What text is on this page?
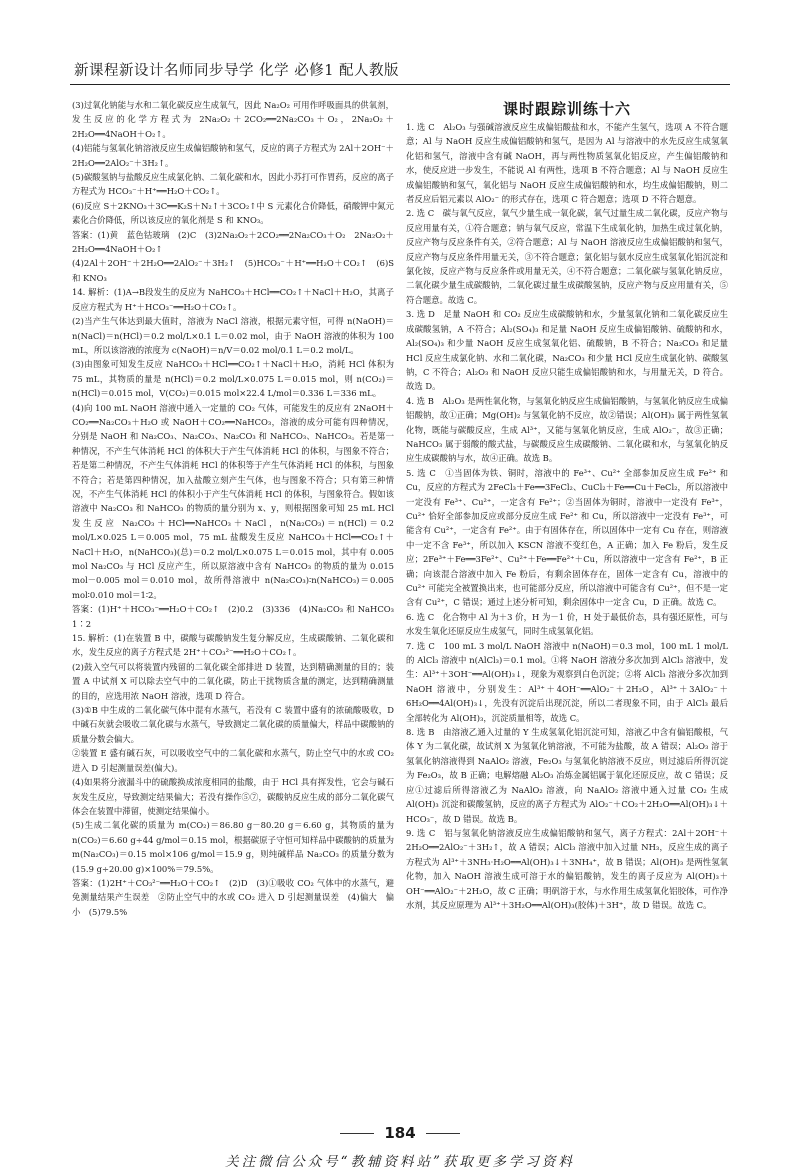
新课程新设计名师同步导学 化学 必修1 配人教版

(3)过氧化钠能与水和二氧化碳反应生成氧气，因此 Na₂O₂ 可用作呼吸面具的供氧剂，发生反应的化学方程式为 2Na₂O₂＋2CO₂══2Na₂CO₃＋O₂，2Na₂O₂＋2H₂O══4NaOH＋O₂↑。

(4)铝能与氢氧化钠溶液反应生成偏铝酸钠和氢气，反应的离子方程式为 2Al＋2OH⁻＋2H₂O══2AlO₂⁻＋3H₂↑。

(5)碳酸氢钠与盐酸反应生成氯化钠、二氧化碳和水，因此小苏打可作胃药，反应的离子方程式为 HCO₃⁻＋H⁺══H₂O＋CO₂↑。

(6)反应 S＋2KNO₃＋3C══K₂S＋N₂↑＋3CO₂↑中 S 元素化合价降低，硝酸钾中氮元素化合价降低，所以该反应的氧化剂是 S 和 KNO₃。

答案：(1)黄　蓝色钴玻璃　(2)C　(3)2Na₂O₂＋2CO₂══2Na₂CO₃＋O₂　2Na₂O₂＋2H₂O══4NaOH＋O₂↑

(4)2Al＋2OH⁻＋2H₂O══2AlO₂⁻＋3H₂↑　(5)HCO₃⁻＋H⁺══H₂O＋CO₂↑　(6)S和 KNO₃

14. 解析：(1)A→B段发生的反应为 NaHCO₃＋HCl══CO₂↑＋NaCl＋H₂O，其离子反应方程式为 H⁺＋HCO₃⁻══H₂O＋CO₂↑。

(2)当产生气体达到最大值时，溶液为 NaCl 溶液，根据元素守恒，可得 n(NaOH)＝n(NaCl)＝n(HCl)＝0.2 mol/L×0.1 L＝0.02 mol，由于 NaOH 溶液的体积为 100 mL，所以该溶液的浓度为 c(NaOH)＝n/V＝0.02 mol/0.1 L＝0.2 mol/L。

(3)由图象可知发生反应 NaHCO₃＋HCl══CO₂↑＋NaCl＋H₂O，消耗 HCl 体积为 75 mL，其物质的量是 n(HCl)＝0.2 mol/L×0.075 L＝0.015 mol，则 n(CO₂)＝n(HCl)＝0.015 mol，V(CO₂)＝0.015 mol×22.4 L/mol＝0.336 L＝336 mL。

(4)向 100 mL NaOH 溶液中通入一定量的 CO₂ 气体，可能发生的反应有 2NaOH＋CO₂══Na₂CO₃＋H₂O 或 NaOH＋CO₂══NaHCO₃，溶液的成分可能有四种情况，分别是 NaOH 和 Na₂CO₃、Na₂CO₃、Na₂CO₃ 和 NaHCO₃、NaHCO₃。若是第一种情况，不产生气体消耗 HCl 的体积大于产生气体消耗 HCl 的体积，与图象不符合；若是第二种情况，不产生气体消耗 HCl 的体积等于产生气体消耗 HCl 的体积，与图象不符合；若是第四种情况，加入盐酸立刻产生气体，也与图象不符合；只有第三种情况，不产生气体消耗 HCl 的体积小于产生气体消耗 HCl 的体积，与图象符合。假如该溶液中 Na₂CO₃ 和 NaHCO₃ 的物质的量分别为 x、y，则根据图象可知 25 mL HCl 发生反应 Na₂CO₃＋HCl══NaHCO₃＋NaCl，n(Na₂CO₃)＝n(HCl)＝0.2 mol/L×0.025 L＝0.005 mol，75 mL 盐酸发生反应 NaHCO₃＋HCl══CO₂↑＋NaCl＋H₂O，n(NaHCO₃)(总)＝0.2 mol/L×0.075 L＝0.015 mol，其中有 0.005 mol Na₂CO₃ 与 HCl 反应产生，所以原溶液中含有 NaHCO₃ 的物质的量为 0.015 mol－0.005 mol＝0.010 mol，故所得溶液中 n(Na₂CO₃)∶n(NaHCO₃)＝0.005 mol∶0.010 mol＝1∶2。

答案：(1)H⁺＋HCO₃⁻══H₂O＋CO₂↑　(2)0.2　(3)336　(4)Na₂CO₃ 和 NaHCO₃　1∶2

15. 解析：(1)在装置 B 中，碳酸与碳酸钠发生复分解反应，生成碳酸钠、二氧化碳和水，发生反应的离子方程式是 2H⁺＋CO₃²⁻══H₂O＋CO₂↑。

(2)鼓入空气可以将装置内残留的二氧化碳全部排进 D 装置，达到精确测量的目的；装置 A 中试剂 X 可以除去空气中的二氧化碳，防止干扰物质含量的测定，达到精确测量的目的，应选用浓 NaOH 溶液，选项 D 符合。

(3)①B 中生成的二氧化碳气体中混有水蒸气，若没有 C 装置中盛有的浓硫酸吸收，D 中碱石灰就会吸收二氧化碳与水蒸气，导致测定二氧化碳的质量偏大，样品中碳酸钠的质量分数会偏大。

②装置 E 盛有碱石灰，可以吸收空气中的二氧化碳和水蒸气，防止空气中的水或 CO₂ 进入 D 引起测量误差(偏大)。

(4)如果将分液漏斗中的硫酸换成浓度相同的盐酸，由于 HCl 具有挥发性，它会与碱石灰发生反应，导致测定结果偏大；若没有操作⑤⑦，碳酸钠反应生成的部分二氧化碳气体会在装置中滞留，使测定结果偏小。

(5)生成二氧化碳的质量为 m(CO₂)＝86.80 g－80.20 g＝6.60 g，其物质的量为 n(CO₂)＝6.60 g÷44 g/mol＝0.15 mol，根据碳原子守恒可知样品中碳酸钠的质量为 m(Na₂CO₃)＝0.15 mol×106 g/mol＝15.9 g，则纯碱样品 Na₂CO₃ 的质量分数为(15.9 g÷20.00 g)×100%＝79.5%。

答案：(1)2H⁺＋CO₃²⁻══H₂O＋CO₂↑　(2)D　(3)①吸收 CO₂ 气体中的水蒸气，避免测量结果产生误差　②防止空气中的水或 CO₂ 进入 D 引起测量误差　(4)偏大　偏小　(5)79.5%

课时跟踪训练十六

1. 选 C　Al₂O₃ 与强碱溶液反应生成偏铝酸盐和水，不能产生氢气，选项 A 不符合题意；Al 与 NaOH 反应生成偏铝酸钠和氢气，是因为 Al 与溶液中的水先反应生成氢氧化铝和氢气，溶液中含有碱 NaOH，再与两性物质氢氧化铝反应，产生偏铝酸钠和水，使反应进一步发生，不能说 Al 有两性，选项 B 不符合题意；Al 与 NaOH 反应生成偏铝酸钠和氢气，氧化铝与 NaOH 反应生成偏铝酸钠和水，均生成偏铝酸钠，则二者反应后铝元素以 AlO₂⁻ 的形式存在，选项 C 符合题意；选项 D 不符合题意。

2. 选 C　碳与氧气反应，氧气少量生成一氧化碳，氧气过量生成二氧化碳，反应产物与反应用量有关，①符合题意；钠与氧气反应，常温下生成氧化钠，加热生成过氧化钠，反应产物与反应条件有关，②符合题意；Al 与 NaOH 溶液反应生成偏铝酸钠和氢气，反应产物与反应条件用量无关，③不符合题意；氯化铝与氨水反应生成氢氧化铝沉淀和氯化铵，反应产物与反应条件或用量无关，④不符合题意；二氧化碳与氢氧化钠反应，二氧化碳少量生成碳酸钠，二氧化碳过量生成碳酸氢钠，反应产物与反应用量有关，⑤符合题意。故选 C。

3. 选 D　足量 NaOH 和 CO₂ 反应生成碳酸钠和水，少量氢氧化钠和二氧化碳反应生成碳酸氢钠，A 不符合；Al₂(SO₄)₃ 和足量 NaOH 反应生成偏铝酸钠、硫酸钠和水，Al₂(SO₄)₃ 和少量 NaOH 反应生成氢氧化铝、硫酸钠，B 不符合；Na₂CO₃ 和足量 HCl 反应生成氯化钠、水和二氧化碳，Na₂CO₃ 和少量 HCl 反应生成氯化钠、碳酸氢钠，C 不符合；Al₂O₃ 和 NaOH 反应只能生成偏铝酸钠和水，与用量无关，D 符合。故选 D。

4. 选 B　Al₂O₃ 是两性氧化物，与氢氧化钠反应生成偏铝酸钠，与氢氧化钠反应生成偏铝酸钠，故①正确；Mg(OH)₂ 与氢氧化钠不反应，故②错误；Al(OH)₃ 属于两性氢氧化物，既能与碳酸反应，生成 Al³⁺，又能与氢氧化钠反应，生成 AlO₂⁻，故③正确；NaHCO₃ 属于弱酸的酸式盐，与碳酸反应生成碳酸钠、二氧化碳和水，与氢氧化钠反应生成碳酸钠与水，故④正确。故选 B。

5. 选 C　①当固体为铁、铜时，溶液中的 Fe³⁺、Cu²⁺ 全部参加反应生成 Fe²⁺ 和 Cu，反应的方程式为 2FeCl₃＋Fe══3FeCl₂、CuCl₂＋Fe══Cu＋FeCl₂，所以溶液中一定没有 Fe³⁺、Cu²⁺，一定含有 Fe²⁺；②当固体为铜时，溶液中一定没有 Fe³⁺，Cu²⁺ 恰好全部参加反应或部分反应生成 Fe²⁺ 和 Cu，所以溶液中一定没有 Fe³⁺，可能含有 Cu²⁺，一定含有 Fe²⁺。由于有固体存在，所以固体中一定有 Cu 存在，则溶液中一定不含 Fe³⁺，所以加入 KSCN 溶液不变红色，A 正确；加入 Fe 粉后，发生反应；2Fe³⁺＋Fe══3Fe²⁺、Cu²⁺＋Fe══Fe²⁺＋Cu，所以溶液中一定含有 Fe²⁺，B 正确；向该混合溶液中加入 Fe 粉后，有剩余固体存在，固体一定含有 Cu，溶液中的 Cu²⁺ 可能完全被置换出来，也可能部分反应，所以溶液中可能含有 Cu²⁺，但不是一定含有 Cu²⁺，C 错误；通过上述分析可知，剩余固体中一定含 Cu，D 正确。故选 C。

6. 选 C　化合物中 Al 为＋3 价，H 为－1 价，H 处于最低价态，具有强还原性，可与水发生氧化还原反应生成氢气，同时生成氢氧化铝。

7. 选 C　100 mL 3 mol/L NaOH 溶液中 n(NaOH)＝0.3 mol，100 mL 1 mol/L 的 AlCl₃ 溶液中 n(AlCl₃)＝0.1 mol。①将 NaOH 溶液分多次加到 AlCl₃ 溶液中，发生：Al³⁺＋3OH⁻══Al(OH)₃↓，现象为观察到白色沉淀；②将 AlCl₃ 溶液分多次加到 NaOH 溶液中，分别发生：Al³⁺＋4OH⁻══AlO₂⁻＋2H₂O，Al³⁺＋3AlO₂⁻＋6H₂O══4Al(OH)₃↓，先没有沉淀后出现沉淀，所以二者现象不同，由于 AlCl₃ 最后全部转化为 Al(OH)₃，沉淀质量相等，故选 C。

8. 选 B　由溶液乙通入过量的 Y 生成氢氧化铝沉淀可知，溶液乙中含有偏铝酸根，气体 Y 为二氧化碳，故试剂 X 为氢氧化钠溶液，不可能为盐酸，故 A 错误；Al₂O₃ 溶于氢氧化钠溶液得到 NaAlO₂ 溶液，Fe₂O₃ 与氢氧化钠溶液不反应，则过滤后所得沉淀为 Fe₂O₃，故 B 正确；电解熔融 Al₂O₃ 冶炼金属铝属于氧化还原反应，故 C 错误；反应①过滤后所得溶液乙为 NaAlO₂ 溶液，向 NaAlO₂ 溶液中通入过量 CO₂ 生成 Al(OH)₃ 沉淀和碳酸氢钠，反应的离子方程式为 AlO₂⁻＋CO₂＋2H₂O══Al(OH)₃↓＋HCO₃⁻，故 D 错误。故选 B。

9. 选 C　铝与氢氧化钠溶液反应生成偏铝酸钠和氢气，离子方程式：2Al＋2OH⁻＋2H₂O══2AlO₂⁻＋3H₂↑，故 A 错误；AlCl₃ 溶液中加入过量 NH₃，反应生成的离子方程式为 Al³⁺＋3NH₃·H₂O══Al(OH)₃↓＋3NH₄⁺，故 B 错误；Al(OH)₃ 是两性氢氧化物，加入 NaOH 溶液生成可溶于水的偏铝酸钠，发生的离子反应为 Al(OH)₃＋OH⁻══AlO₂⁻＋2H₂O，故 C 正确；明矾溶于水，与水作用生成氢氧化铝胶体，可作净水剂，其反应原理为 Al³⁺＋3H₂O══Al(OH)₃(胶体)＋3H⁺，故 D 错误。故选 C。

184
关注微信公众号“教辅资料站”获取更多学习资料
